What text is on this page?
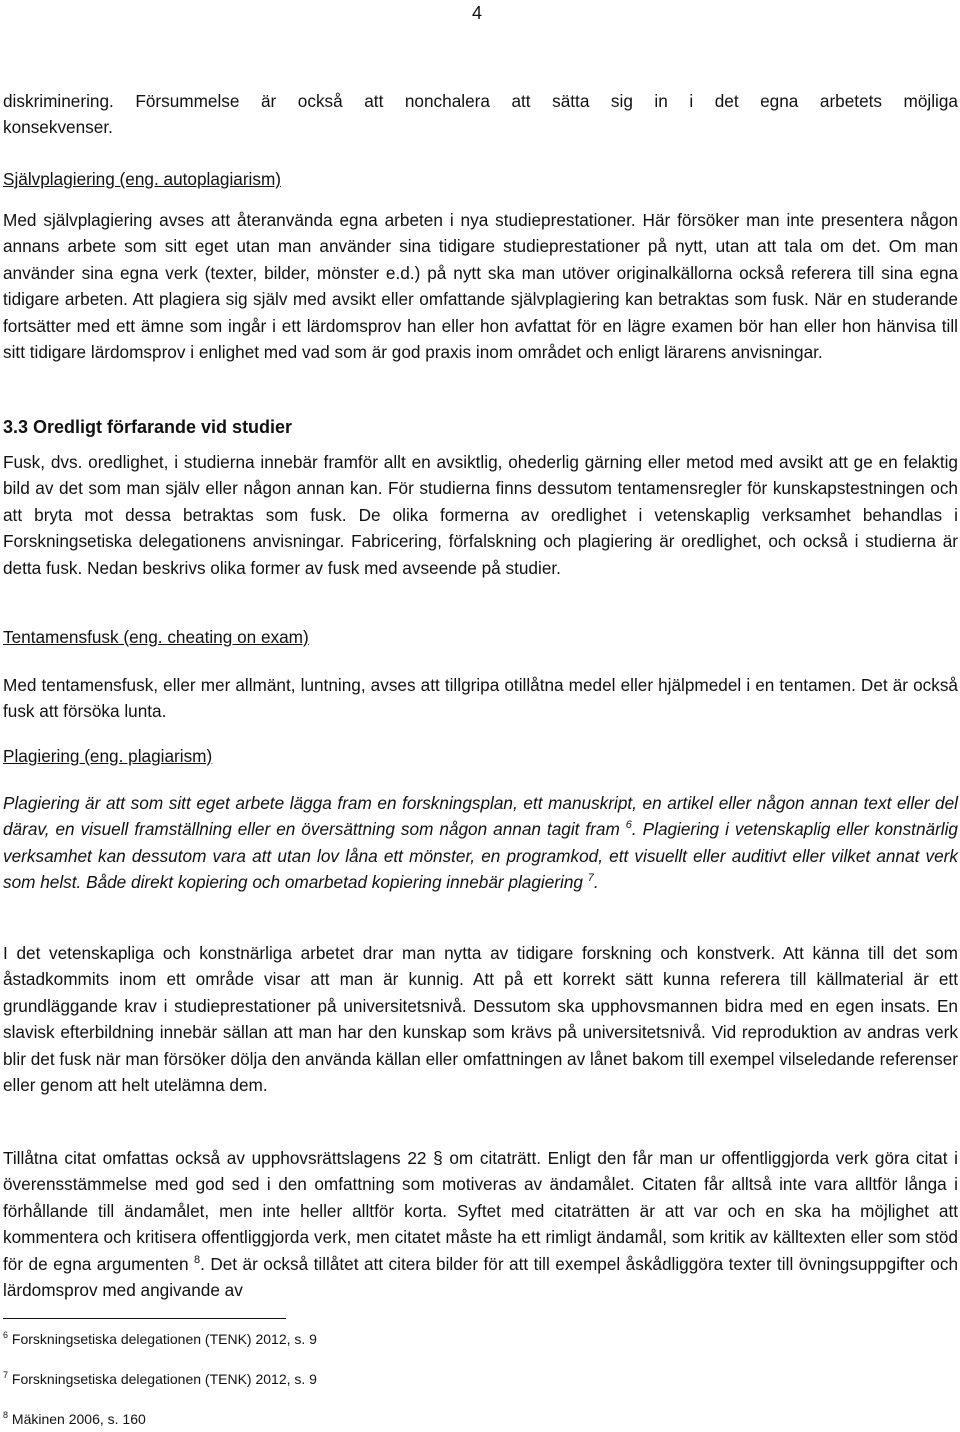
4

diskriminering. Försummelse är också att nonchalera att sätta sig in i det egna arbetets möjliga
konsekvenser.

Självplagiering (eng. autoplagiarism)

Med självplagiering avses att återanvända egna arbeten i nya studieprestationer. Här försöker man inte presentera någon annans arbete som sitt eget utan man använder sina tidigare studieprestationer på nytt, utan att tala om det. Om man använder sina egna verk (texter, bilder, mönster e.d.) på nytt ska man utöver originalkällorna också referera till sina egna tidigare arbeten. Att plagiera sig själv med avsikt eller omfattande självplagiering kan betraktas som fusk. När en studerande fortsätter med ett ämne som ingår i ett lärdomsprov han eller hon avfattat för en lägre examen bör han eller hon hänvisa till sitt tidigare lärdomsprov i enlighet med vad som är god praxis inom området och enligt lärarens anvisningar.

3.3 Oredligt förfarande vid studier

Fusk, dvs. oredlighet, i studierna innebär framför allt en avsiktlig, ohederlig gärning eller metod med avsikt att ge en felaktig bild av det som man själv eller någon annan kan. För studierna finns dessutom tentamensregler för kunskapstestningen och att bryta mot dessa betraktas som fusk. De olika formerna av oredlighet i vetenskaplig verksamhet behandlas i Forskningsetiska delegationens anvisningar. Fabricering, förfalskning och plagiering är oredlighet, och också i studierna är detta fusk. Nedan beskrivs olika former av fusk med avseende på studier.

Tentamensfusk (eng. cheating on exam)

Med tentamensfusk, eller mer allmänt, luntning, avses att tillgripa otillåtna medel eller hjälpmedel i en tentamen. Det är också fusk att försöka lunta.

Plagiering (eng. plagiarism)

Plagiering är att som sitt eget arbete lägga fram en forskningsplan, ett manuskript, en artikel eller någon annan text eller del därav, en visuell framställning eller en översättning som någon annan tagit fram $^6$. Plagiering i vetenskaplig eller konstnärlig verksamhet kan dessutom vara att utan lov låna ett mönster, en programkod, ett visuellt eller auditivt eller vilket annat verk som helst. Både direkt kopiering och omarbetad kopiering innebär plagiering $^7$.

I det vetenskapliga och konstnärliga arbetet drar man nytta av tidigare forskning och konstverk. Att känna till det som åstadkommits inom ett område visar att man är kunnig. Att på ett korrekt sätt kunna referera till källmaterial är ett grundläggande krav i studieprestationer på universitetsnivå. Dessutom ska upphovsmannen bidra med en egen insats. En slavisk efterbildning innebär sällan att man har den kunskap som krävs på universitetsnivå. Vid reproduktion av andras verk blir det fusk när man försöker dölja den använda källan eller omfattningen av lånet bakom till exempel vilseledande referenser eller genom att helt utelämna dem.

Tillåtna citat omfattas också av upphovsrättslagens 22 § om citaträtt. Enligt den får man ur offentliggjorda verk göra citat i överensstämmelse med god sed i den omfattning som motiveras av ändamålet. Citaten får alltså inte vara alltför långa i förhållande till ändamålet, men inte heller alltför korta. Syftet med citaträtten är att var och en ska ha möjlighet att kommentera och kritisera offentliggjorda verk, men citatet måste ha ett rimligt ändamål, som kritik av källtexten eller som stöd för de egna argumenten $^8$. Det är också tillåtet att citera bilder för att till exempel åskådliggöra texter till övningsuppgifter och lärdomsprov med angivande av

$^6$ Forskningsetiska delegationen (TENK) 2012, s. 9
$^7$ Forskningsetiska delegationen (TENK) 2012, s. 9
$^8$ Mäkinen 2006, s. 160
